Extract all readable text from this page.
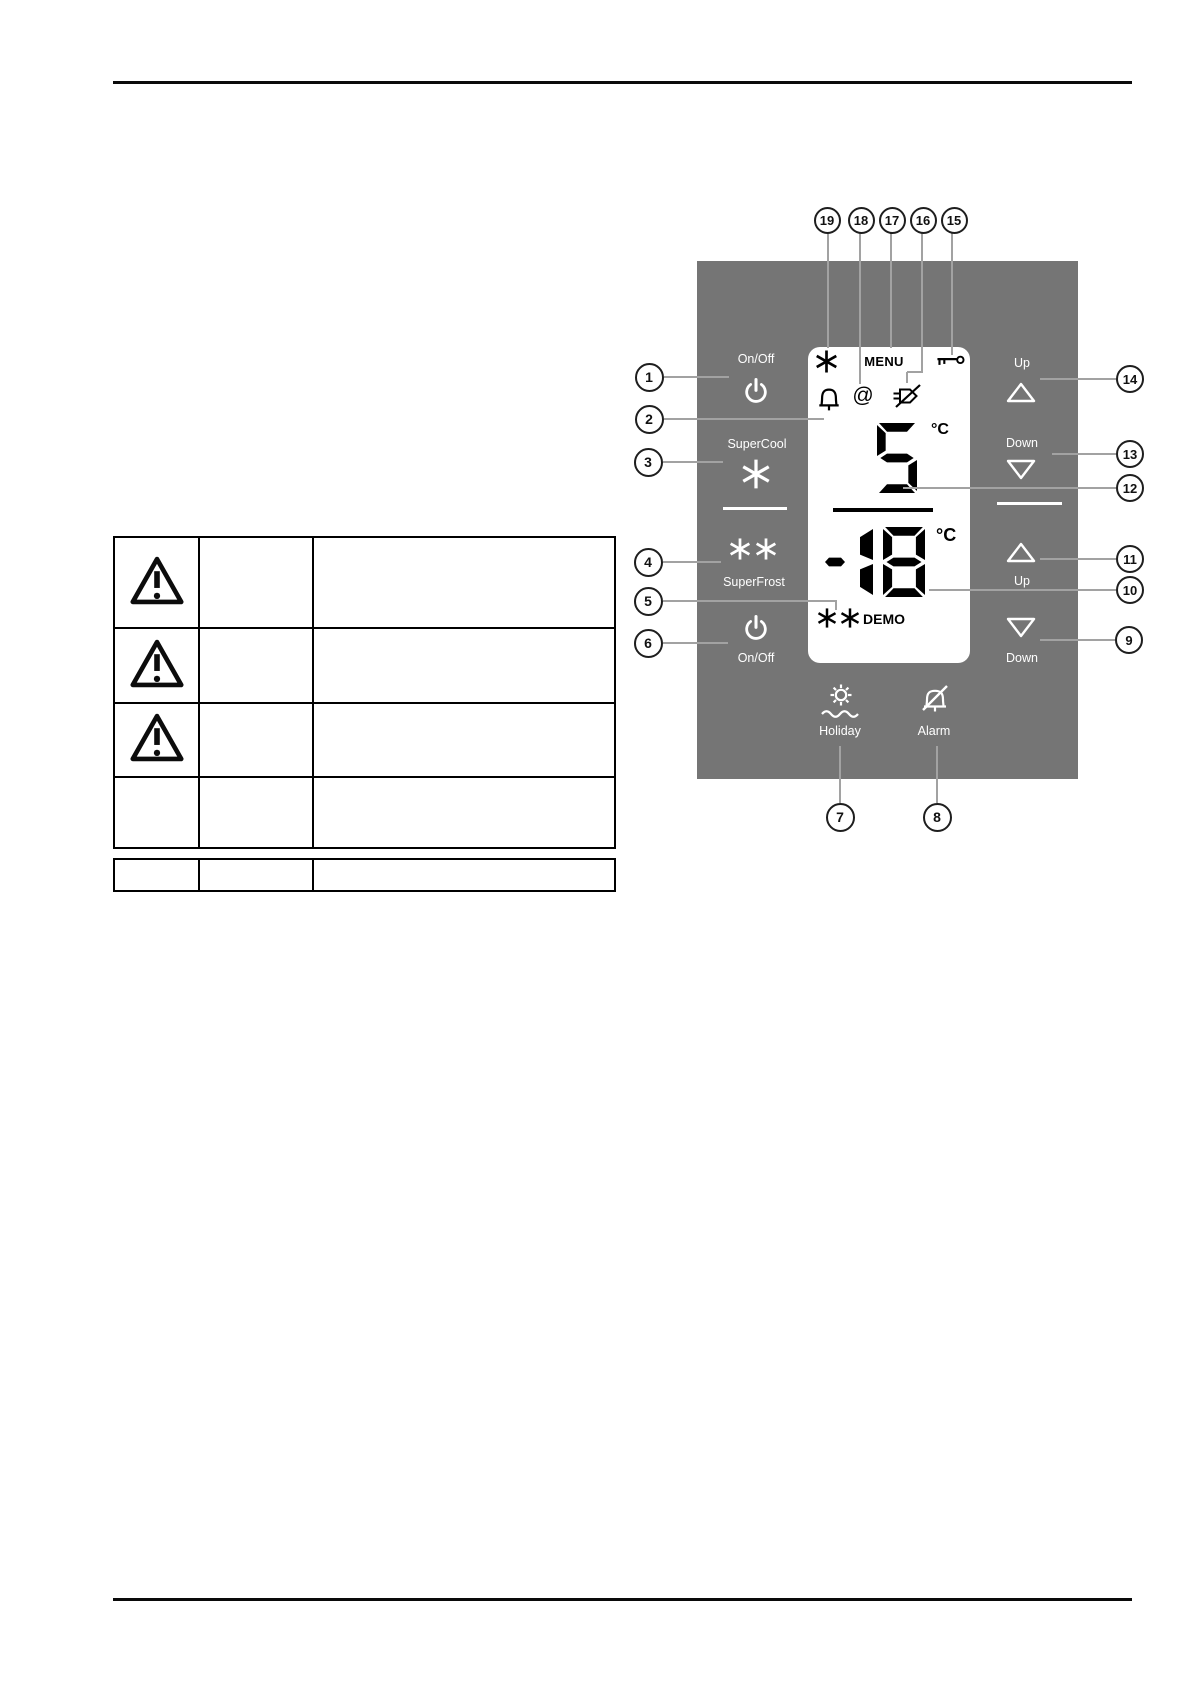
On/Off
SuperCool
SuperFrost
On/Off
Up
Down
Up
Down
Holiday	Alarm
MENU
@
°C
°C
DEMO
19	18	17	16	15
1
2
3
4
5
6
14
13
12
11
10
9
7	8
